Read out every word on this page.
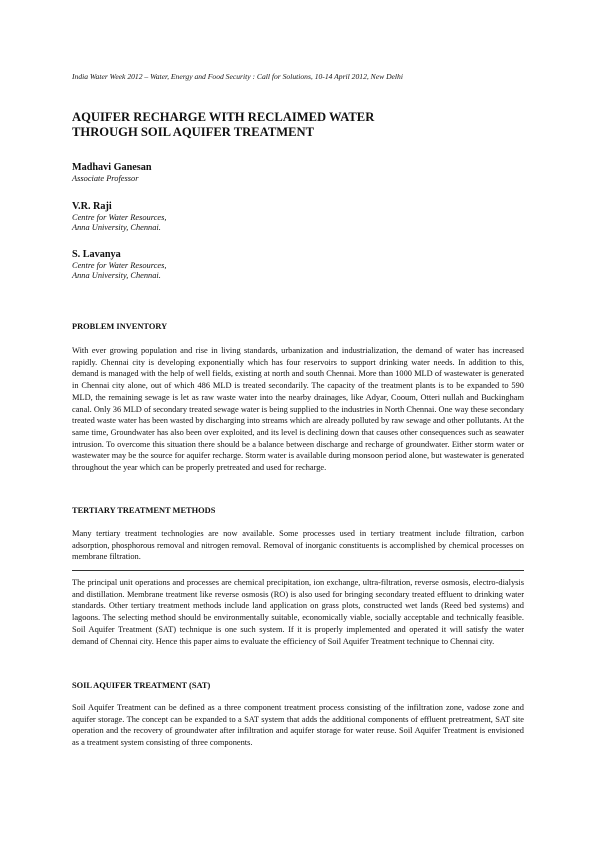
India Water Week 2012 – Water, Energy and Food Security : Call for Solutions, 10-14 April 2012, New Delhi
AQUIFER RECHARGE WITH RECLAIMED WATER
THROUGH SOIL AQUIFER TREATMENT
Madhavi Ganesan
Associate Professor
V.R. Raji
Centre for Water Resources,
Anna University, Chennai.
S. Lavanya
Centre for Water Resources,
Anna University, Chennai.
PROBLEM INVENTORY

With ever growing population and rise in living standards, urbanization and industrialization, the demand of water has increased rapidly. Chennai city is developing exponentially which has four reservoirs to support drinking water needs. In addition to this, demand is managed with the help of well fields, existing at north and south Chennai. More than 1000 MLD of wastewater is generated in Chennai city alone, out of which 486 MLD is treated secondarily. The capacity of the treatment plants is to be expanded to 590 MLD, the remaining sewage is let as raw waste water into the nearby drainages, like Adyar, Cooum, Otteri nullah and Buckingham canal. Only 36 MLD of secondary treated sewage water is being supplied to the industries in North Chennai. One way these secondary treated waste water has been wasted by discharging into streams which are already polluted by raw sewage and other pollutants. At the same time, Groundwater has also been over exploited, and its level is declining down that causes other consequences such as seawater intrusion. To overcome this situation there should be a balance between discharge and recharge of groundwater. Either storm water or wastewater may be the source for aquifer recharge. Storm water is available during monsoon period alone, but wastewater is generated throughout the year which can be properly pretreated and used for recharge.

TERTIARY TREATMENT METHODS

Many tertiary treatment technologies are now available. Some processes used in tertiary treatment include filtration, carbon adsorption, phosphorous removal and nitrogen removal. Removal of inorganic constituents is accomplished by chemical processes on membrane filtration.

The principal unit operations and processes are chemical precipitation, ion exchange, ultra-filtration, reverse osmosis, electro-dialysis and distillation. Membrane treatment like reverse osmosis (RO) is also used for bringing secondary treated effluent to drinking water standards. Other tertiary treatment methods include land application on grass plots, constructed wet lands (Reed bed systems) and lagoons. The selecting method should be environmentally suitable, economically viable, socially acceptable and technically feasible. Soil Aquifer Treatment (SAT) technique is one such system. If it is properly implemented and operated it will satisfy the water demand of Chennai city. Hence this paper aims to evaluate the efficiency of Soil Aquifer Treatment technique to Chennai city.

SOIL AQUIFER TREATMENT (SAT)

Soil Aquifer Treatment can be defined as a three component treatment process consisting of the infiltration zone, vadose zone and aquifer storage. The concept can be expanded to a SAT system that adds the additional components of effluent pretreatment, SAT site operation and the recovery of groundwater after infiltration and aquifer storage for water reuse. Soil Aquifer Treatment is envisioned as a treatment system consisting of three components.
